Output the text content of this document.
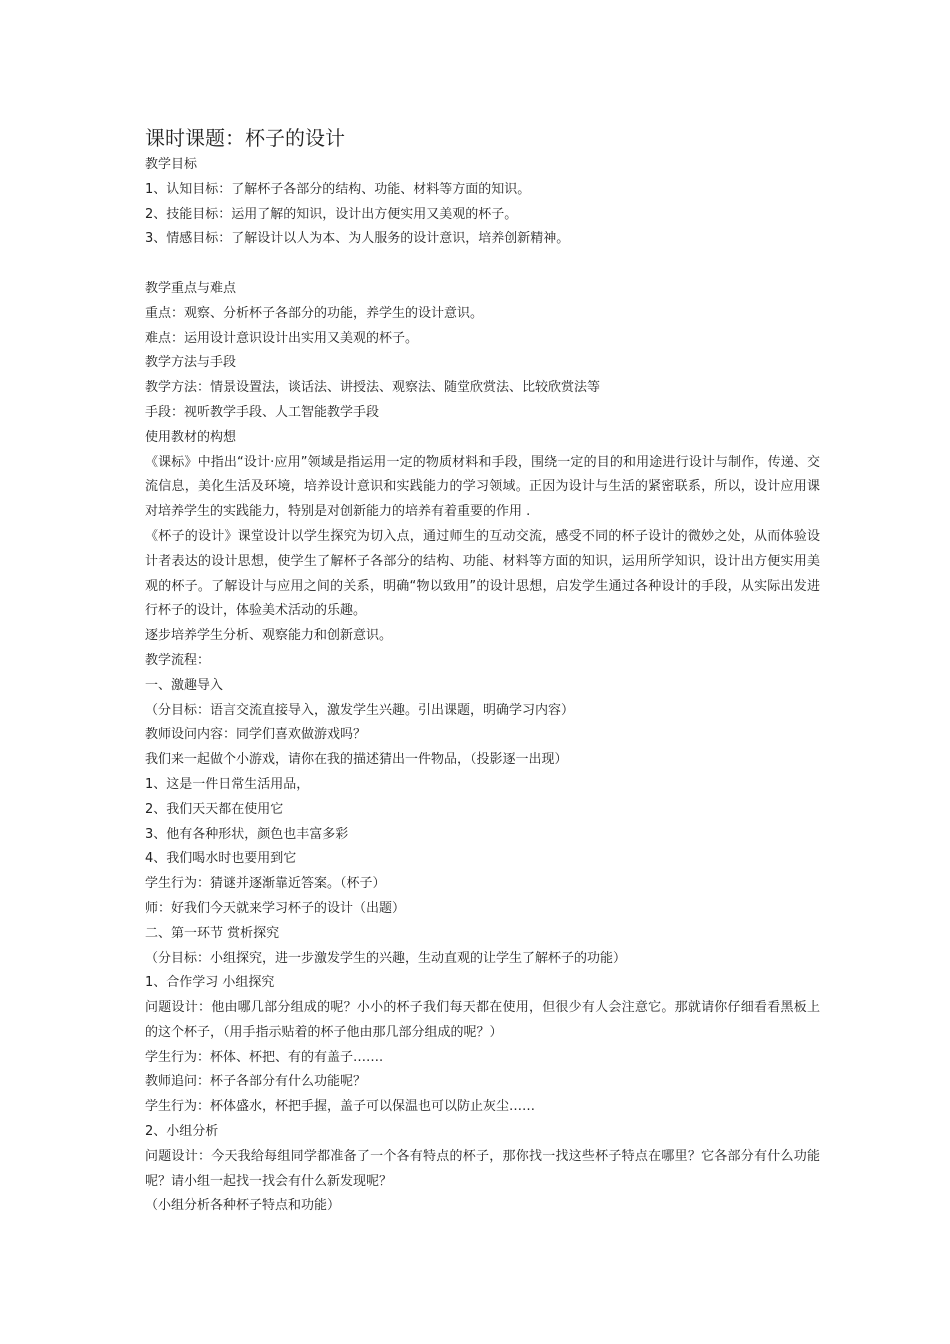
课时课题：杯子的设计

教学目标

1、认知目标：了解杯子各部分的结构、功能、材料等方面的知识。

2、技能目标：运用了解的知识，设计出方便实用又美观的杯子。

3、情感目标：了解设计以人为本、为人服务的设计意识，培养创新精神。

教学重点与难点

重点：观察、分析杯子各部分的功能，养学生的设计意识。

难点：运用设计意识设计出实用又美观的杯子。

教学方法与手段

教学方法：情景设置法，谈话法、讲授法、观察法、随堂欣赏法、比较欣赏法等

手段：视听教学手段、人工智能教学手段

使用教材的构想

《课标》中指出“设计·应用”领域是指运用一定的物质材料和手段，围绕一定的目的和用途进行设计与制作，传递、交流信息，美化生活及环境，培养设计意识和实践能力的学习领域。正因为设计与生活的紧密联系，所以，设计应用课对培养学生的实践能力，特别是对创新能力的培养有着重要的作用 .

《杯子的设计》课堂设计以学生探究为切入点，通过师生的互动交流，感受不同的杯子设计的微妙之处，从而体验设计者表达的设计思想，使学生了解杯子各部分的结构、功能、材料等方面的知识，运用所学知识，设计出方便实用美观的杯子。了解设计与应用之间的关系，明确“物以致用”的设计思想，启发学生通过各种设计的手段，从实际出发进行杯子的设计，体验美术活动的乐趣。

逐步培养学生分析、观察能力和创新意识。

教学流程：

一、激趣导入

（分目标：语言交流直接导入，激发学生兴趣。引出课题，明确学习内容）

教师设问内容：同学们喜欢做游戏吗？

我们来一起做个小游戏，请你在我的描述猜出一件物品，（投影逐一出现）

1、这是一件日常生活用品，

2、我们天天都在使用它

3、他有各种形状，颜色也丰富多彩

4、我们喝水时也要用到它

学生行为：猜谜并逐渐靠近答案。（杯子）

师：好我们今天就来学习杯子的设计（出题）

二、第一环节 赏析探究

（分目标：小组探究，进一步激发学生的兴趣，生动直观的让学生了解杯子的功能）

1、合作学习 小组探究

问题设计：他由哪几部分组成的呢？小小的杯子我们每天都在使用，但很少有人会注意它。那就请你仔细看看黑板上的这个杯子，（用手指示贴着的杯子他由那几部分组成的呢？）

学生行为：杯体、杯把、有的有盖子…….

教师追问：杯子各部分有什么功能呢？

学生行为：杯体盛水，杯把手握，盖子可以保温也可以防止灰尘……

2、小组分析

问题设计：今天我给每组同学都准备了一个各有特点的杯子，那你找一找这些杯子特点在哪里？它各部分有什么功能呢？请小组一起找一找会有什么新发现呢？

（小组分析各种杯子特点和功能）
